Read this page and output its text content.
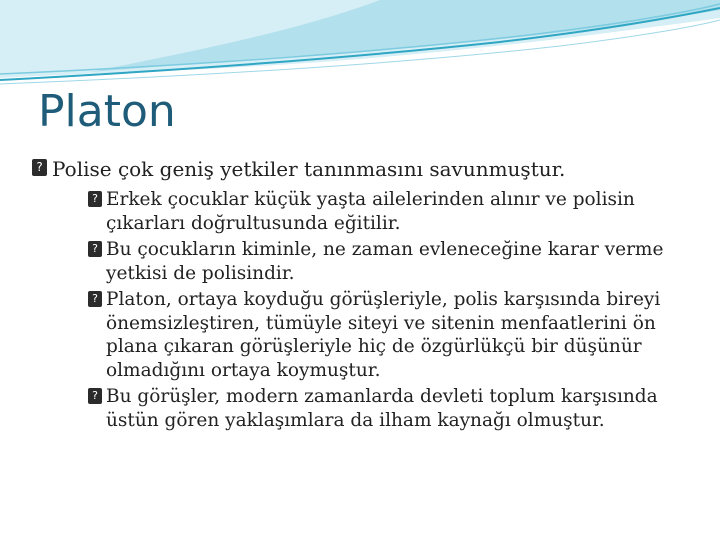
Platon

? Polise çok geniş yetkiler tanınmasını savunmuştur.

? Erkek çocuklar küçük yaşta ailelerinden alınır ve polisin çıkarları doğrultusunda eğitilir.

? Bu çocukların kiminle, ne zaman evleneceğine karar verme yetkisi de polisindir.

? Platon, ortaya koyduğu görüşleriyle, polis karşısında bireyi önemsizleştiren, tümüyle siteyi ve sitenin menfaatlerini ön plana çıkaran görüşleriyle hiç de özgürlükçü bir düşünür olmadığını ortaya koymuştur.

? Bu görüşler, modern zamanlarda devleti toplum karşısında üstün gören yaklaşımlara da ilham kaynağı olmuştur.
